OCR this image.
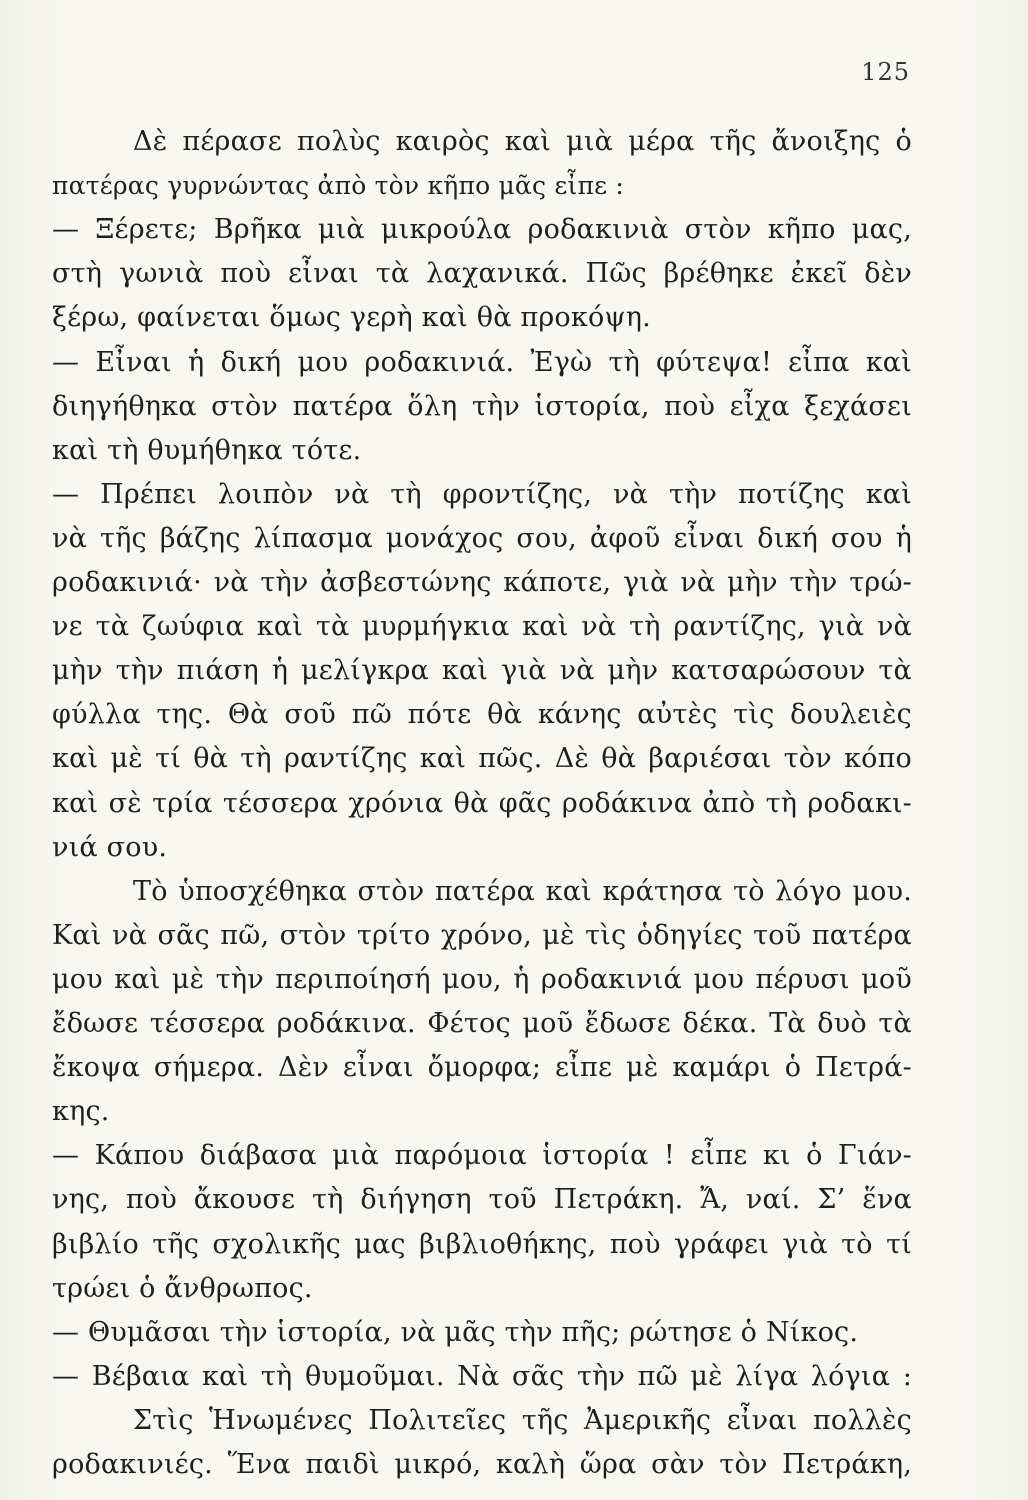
125
Δὲ πέρασε πολὺς καιρὸς καὶ μιὰ μέρα τῆς ἄνοιξης ὁ
πατέρας γυρνώντας ἀπὸ τὸν κῆπο μᾶς εἶπε :
— Ξέρετε; Βρῆκα μιὰ μικρούλα ροδακινιὰ στὸν κῆπο μας,
στὴ γωνιὰ ποὺ εἶναι τὰ λαχανικά. Πῶς βρέθηκε ἐκεῖ δὲν
ξέρω, φαίνεται ὅμως γερὴ καὶ θὰ προκόψη.
— Εἶναι ἡ δική μου ροδακινιά. Ἐγὼ τὴ φύτεψα! εἶπα καὶ
διηγήθηκα στὸν πατέρα ὅλη τὴν ἱστορία, ποὺ εἶχα ξεχάσει
καὶ τὴ θυμήθηκα τότε.
— Πρέπει λοιπὸν νὰ τὴ φροντίζης, νὰ τὴν ποτίζης καὶ
νὰ τῆς βάζης λίπασμα μονάχος σου, ἀφοῦ εἶναι δική σου ἡ
ροδακινιά· νὰ τὴν ἀσβεστώνης κάποτε, γιὰ νὰ μὴν τὴν τρώ-
νε τὰ ζωύφια καὶ τὰ μυρμήγκια καὶ νὰ τὴ ραντίζης, γιὰ νὰ
μὴν τὴν πιάση ἡ μελίγκρα καὶ γιὰ νὰ μὴν κατσαρώσουν τὰ
φύλλα της. Θὰ σοῦ πῶ πότε θὰ κάνης αὐτὲς τὶς δουλειὲς
καὶ μὲ τί θὰ τὴ ραντίζης καὶ πῶς. Δὲ θὰ βαριέσαι τὸν κόπο
καὶ σὲ τρία τέσσερα χρόνια θὰ φᾶς ροδάκινα ἀπὸ τὴ ροδακι-
νιά σου.
Τὸ ὑποσχέθηκα στὸν πατέρα καὶ κράτησα τὸ λόγο μου.
Καὶ νὰ σᾶς πῶ, στὸν τρίτο χρόνο, μὲ τὶς ὁδηγίες τοῦ πατέρα
μου καὶ μὲ τὴν περιποίησή μου, ἡ ροδακινιά μου πέρυσι μοῦ
ἔδωσε τέσσερα ροδάκινα. Φέτος μοῦ ἔδωσε δέκα. Τὰ δυὸ τὰ
ἔκοψα σήμερα. Δὲν εἶναι ὄμορφα; εἶπε μὲ καμάρι ὁ Πετρά-
κης.
— Κάπου διάβασα μιὰ παρόμοια ἱστορία ! εἶπε κι ὁ Γιάν-
νης, ποὺ ἄκουσε τὴ διήγηση τοῦ Πετράκη. Ἄ, ναί. Σ’ ἕνα
βιβλίο τῆς σχολικῆς μας βιβλιοθήκης, ποὺ γράφει γιὰ τὸ τί
τρώει ὁ ἄνθρωπος.
— Θυμᾶσαι τὴν ἱστορία, νὰ μᾶς τὴν πῆς; ρώτησε ὁ Νίκος.
— Βέβαια καὶ τὴ θυμοῦμαι. Νὰ σᾶς τὴν πῶ μὲ λίγα λόγια :
Στὶς Ἡνωμένες Πολιτεῖες τῆς Ἀμερικῆς εἶναι πολλὲς
ροδακινιές. Ἕνα παιδὶ μικρό, καλὴ ὥρα σὰν τὸν Πετράκη,
